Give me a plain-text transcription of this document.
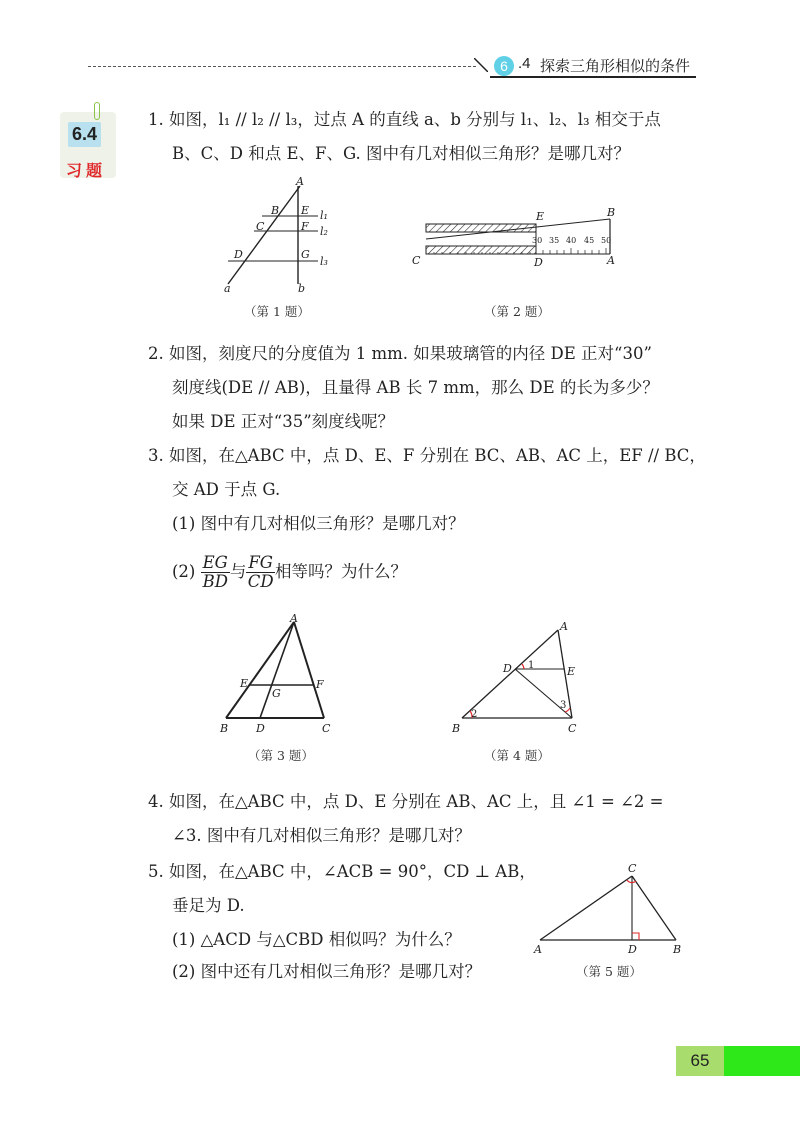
6 .4 探索三角形相似的条件
6.4
习题
1. 如图，l₁ // l₂ // l₃，过点 A 的直线 a、b 分别与 l₁、l₂、l₃ 相交于点
B、C、D 和点 E、F、G. 图中有几对相似三角形？是哪几对？
A
B E
C	F
D	G
l₁
l₂
l₃
a	b
（第 1 题）
30 35 40 45 50
E	B
C	D	A
（第 2 题）
2. 如图，刻度尺的分度值为 1 mm. 如果玻璃管的内径 DE 正对“30”
刻度线(DE // AB)，且量得 AB 长 7 mm，那么 DE 的长为多少？
如果 DE 正对“35”刻度线呢？
3. 如图，在△ABC 中，点 D、E、F 分别在 BC、AB、AC 上，EF // BC，
交 AD 于点 G.
(1) 图中有几对相似三角形？是哪几对？
$(2) \frac{EG}{BD}$ 与 $\frac{FG}{CD}$ 相等吗？为什么？
A
E
G
F
B	D	C
（第 3 题）
A
D	E
B	C
1
2
3
（第 4 题）
4. 如图，在△ABC 中，点 D、E 分别在 AB、AC 上，且 ∠1 = ∠2 =
∠3. 图中有几对相似三角形？是哪几对？
5. 如图，在△ABC 中，∠ACB = 90°，CD ⊥ AB，
垂足为 D.
(1) △ACD 与△CBD 相似吗？为什么？
(2) 图中还有几对相似三角形？是哪几对？
C
A	D	B
（第 5 题）
65
